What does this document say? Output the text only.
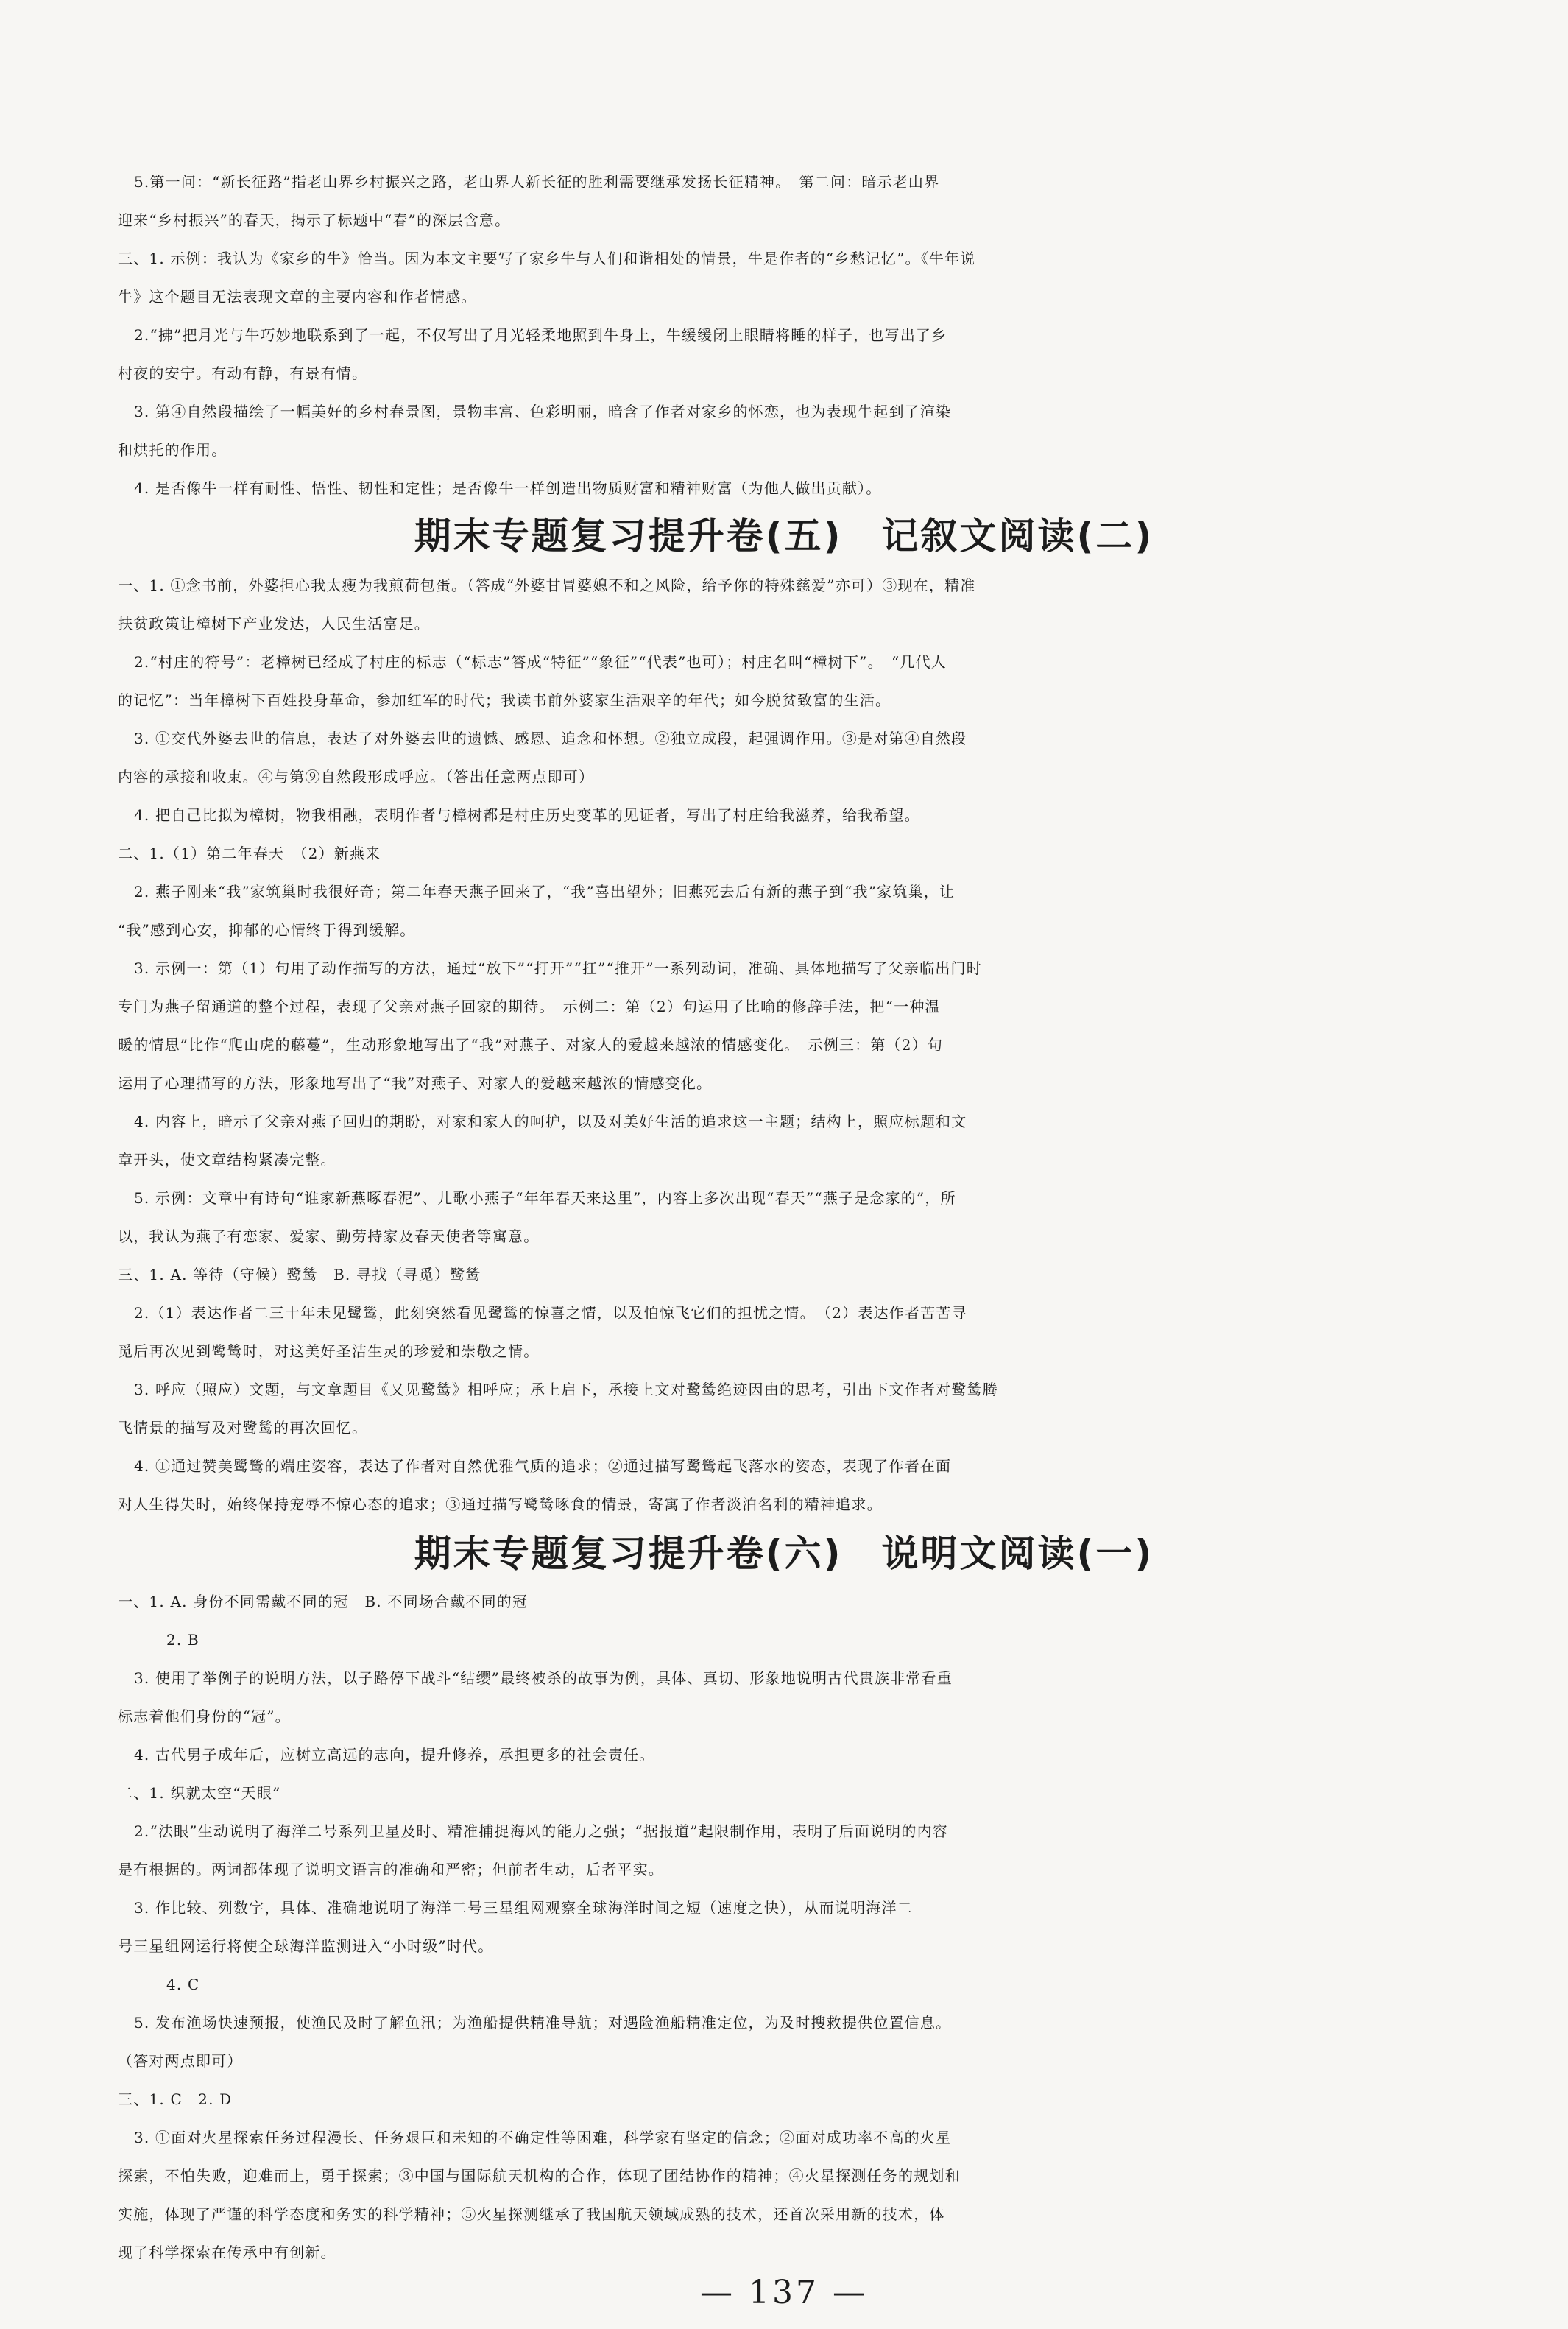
5.第一问：“新长征路”指老山界乡村振兴之路，老山界人新长征的胜利需要继承发扬长征精神。　第二问：暗示老山界
迎来“乡村振兴”的春天，揭示了标题中“春”的深层含意。
三、1. 示例：我认为《家乡的牛》恰当。因为本文主要写了家乡牛与人们和谐相处的情景，牛是作者的“乡愁记忆”。《牛年说
牛》这个题目无法表现文章的主要内容和作者情感。
2.“拂”把月光与牛巧妙地联系到了一起，不仅写出了月光轻柔地照到牛身上，牛缓缓闭上眼睛将睡的样子，也写出了乡
村夜的安宁。有动有静，有景有情。
3. 第④自然段描绘了一幅美好的乡村春景图，景物丰富、色彩明丽，暗含了作者对家乡的怀恋，也为表现牛起到了渲染
和烘托的作用。
4. 是否像牛一样有耐性、悟性、韧性和定性；是否像牛一样创造出物质财富和精神财富（为他人做出贡献）。
期末专题复习提升卷(五)　记叙文阅读(二)
一、1. ①念书前，外婆担心我太瘦为我煎荷包蛋。（答成“外婆甘冒婆媳不和之风险，给予你的特殊慈爱”亦可）③现在，精准
扶贫政策让樟树下产业发达，人民生活富足。
2.“村庄的符号”：老樟树已经成了村庄的标志（“标志”答成“特征”“象征”“代表”也可）；村庄名叫“樟树下”。　“几代人
的记忆”：当年樟树下百姓投身革命，参加红军的时代；我读书前外婆家生活艰辛的年代；如今脱贫致富的生活。
3. ①交代外婆去世的信息，表达了对外婆去世的遗憾、感恩、追念和怀想。②独立成段，起强调作用。③是对第④自然段
内容的承接和收束。④与第⑨自然段形成呼应。（答出任意两点即可）
4. 把自己比拟为樟树，物我相融，表明作者与樟树都是村庄历史变革的见证者，写出了村庄给我滋养，给我希望。
二、1.（1）第二年春天　（2）新燕来
2. 燕子刚来“我”家筑巢时我很好奇；第二年春天燕子回来了，“我”喜出望外；旧燕死去后有新的燕子到“我”家筑巢，让
“我”感到心安，抑郁的心情终于得到缓解。
3. 示例一：第（1）句用了动作描写的方法，通过“放下”“打开”“扛”“推开”一系列动词，准确、具体地描写了父亲临出门时
专门为燕子留通道的整个过程，表现了父亲对燕子回家的期待。　示例二：第（2）句运用了比喻的修辞手法，把“一种温
暖的情思”比作“爬山虎的藤蔓”，生动形象地写出了“我”对燕子、对家人的爱越来越浓的情感变化。　示例三：第（2）句
运用了心理描写的方法，形象地写出了“我”对燕子、对家人的爱越来越浓的情感变化。
4. 内容上，暗示了父亲对燕子回归的期盼，对家和家人的呵护，以及对美好生活的追求这一主题；结构上，照应标题和文
章开头，使文章结构紧凑完整。
5. 示例：文章中有诗句“谁家新燕啄春泥”、儿歌小燕子“年年春天来这里”，内容上多次出现“春天”“燕子是念家的”，所
以，我认为燕子有恋家、爱家、勤劳持家及春天使者等寓意。
三、1. A. 等待（守候）鹭鸶　B. 寻找（寻觅）鹭鸶
2.（1）表达作者二三十年未见鹭鸶，此刻突然看见鹭鸶的惊喜之情，以及怕惊飞它们的担忧之情。　（2）表达作者苦苦寻
觅后再次见到鹭鸶时，对这美好圣洁生灵的珍爱和崇敬之情。
3. 呼应（照应）文题，与文章题目《又见鹭鸶》相呼应；承上启下，承接上文对鹭鸶绝迹因由的思考，引出下文作者对鹭鸶腾
飞情景的描写及对鹭鸶的再次回忆。
4. ①通过赞美鹭鸶的端庄姿容，表达了作者对自然优雅气质的追求；②通过描写鹭鸶起飞落水的姿态，表现了作者在面
对人生得失时，始终保持宠辱不惊心态的追求；③通过描写鹭鸶啄食的情景，寄寓了作者淡泊名利的精神追求。
期末专题复习提升卷(六)　说明文阅读(一)
一、1. A. 身份不同需戴不同的冠　B. 不同场合戴不同的冠
2. B
3. 使用了举例子的说明方法，以子路停下战斗“结缨”最终被杀的故事为例，具体、真切、形象地说明古代贵族非常看重
标志着他们身份的“冠”。
4. 古代男子成年后，应树立高远的志向，提升修养，承担更多的社会责任。
二、1. 织就太空“天眼”
2.“法眼”生动说明了海洋二号系列卫星及时、精准捕捉海风的能力之强；“据报道”起限制作用，表明了后面说明的内容
是有根据的。两词都体现了说明文语言的准确和严密；但前者生动，后者平实。
3. 作比较、列数字，具体、准确地说明了海洋二号三星组网观察全球海洋时间之短（速度之快），从而说明海洋二
号三星组网运行将使全球海洋监测进入“小时级”时代。
4. C
5. 发布渔场快速预报，使渔民及时了解鱼汛；为渔船提供精准导航；对遇险渔船精准定位，为及时搜救提供位置信息。
（答对两点即可）
三、1. C　2. D
3. ①面对火星探索任务过程漫长、任务艰巨和未知的不确定性等困难，科学家有坚定的信念；②面对成功率不高的火星
探索，不怕失败，迎难而上，勇于探索；③中国与国际航天机构的合作，体现了团结协作的精神；④火星探测任务的规划和
实施，体现了严谨的科学态度和务实的科学精神；⑤火星探测继承了我国航天领域成熟的技术，还首次采用新的技术，体
现了科学探索在传承中有创新。
— 137 —
